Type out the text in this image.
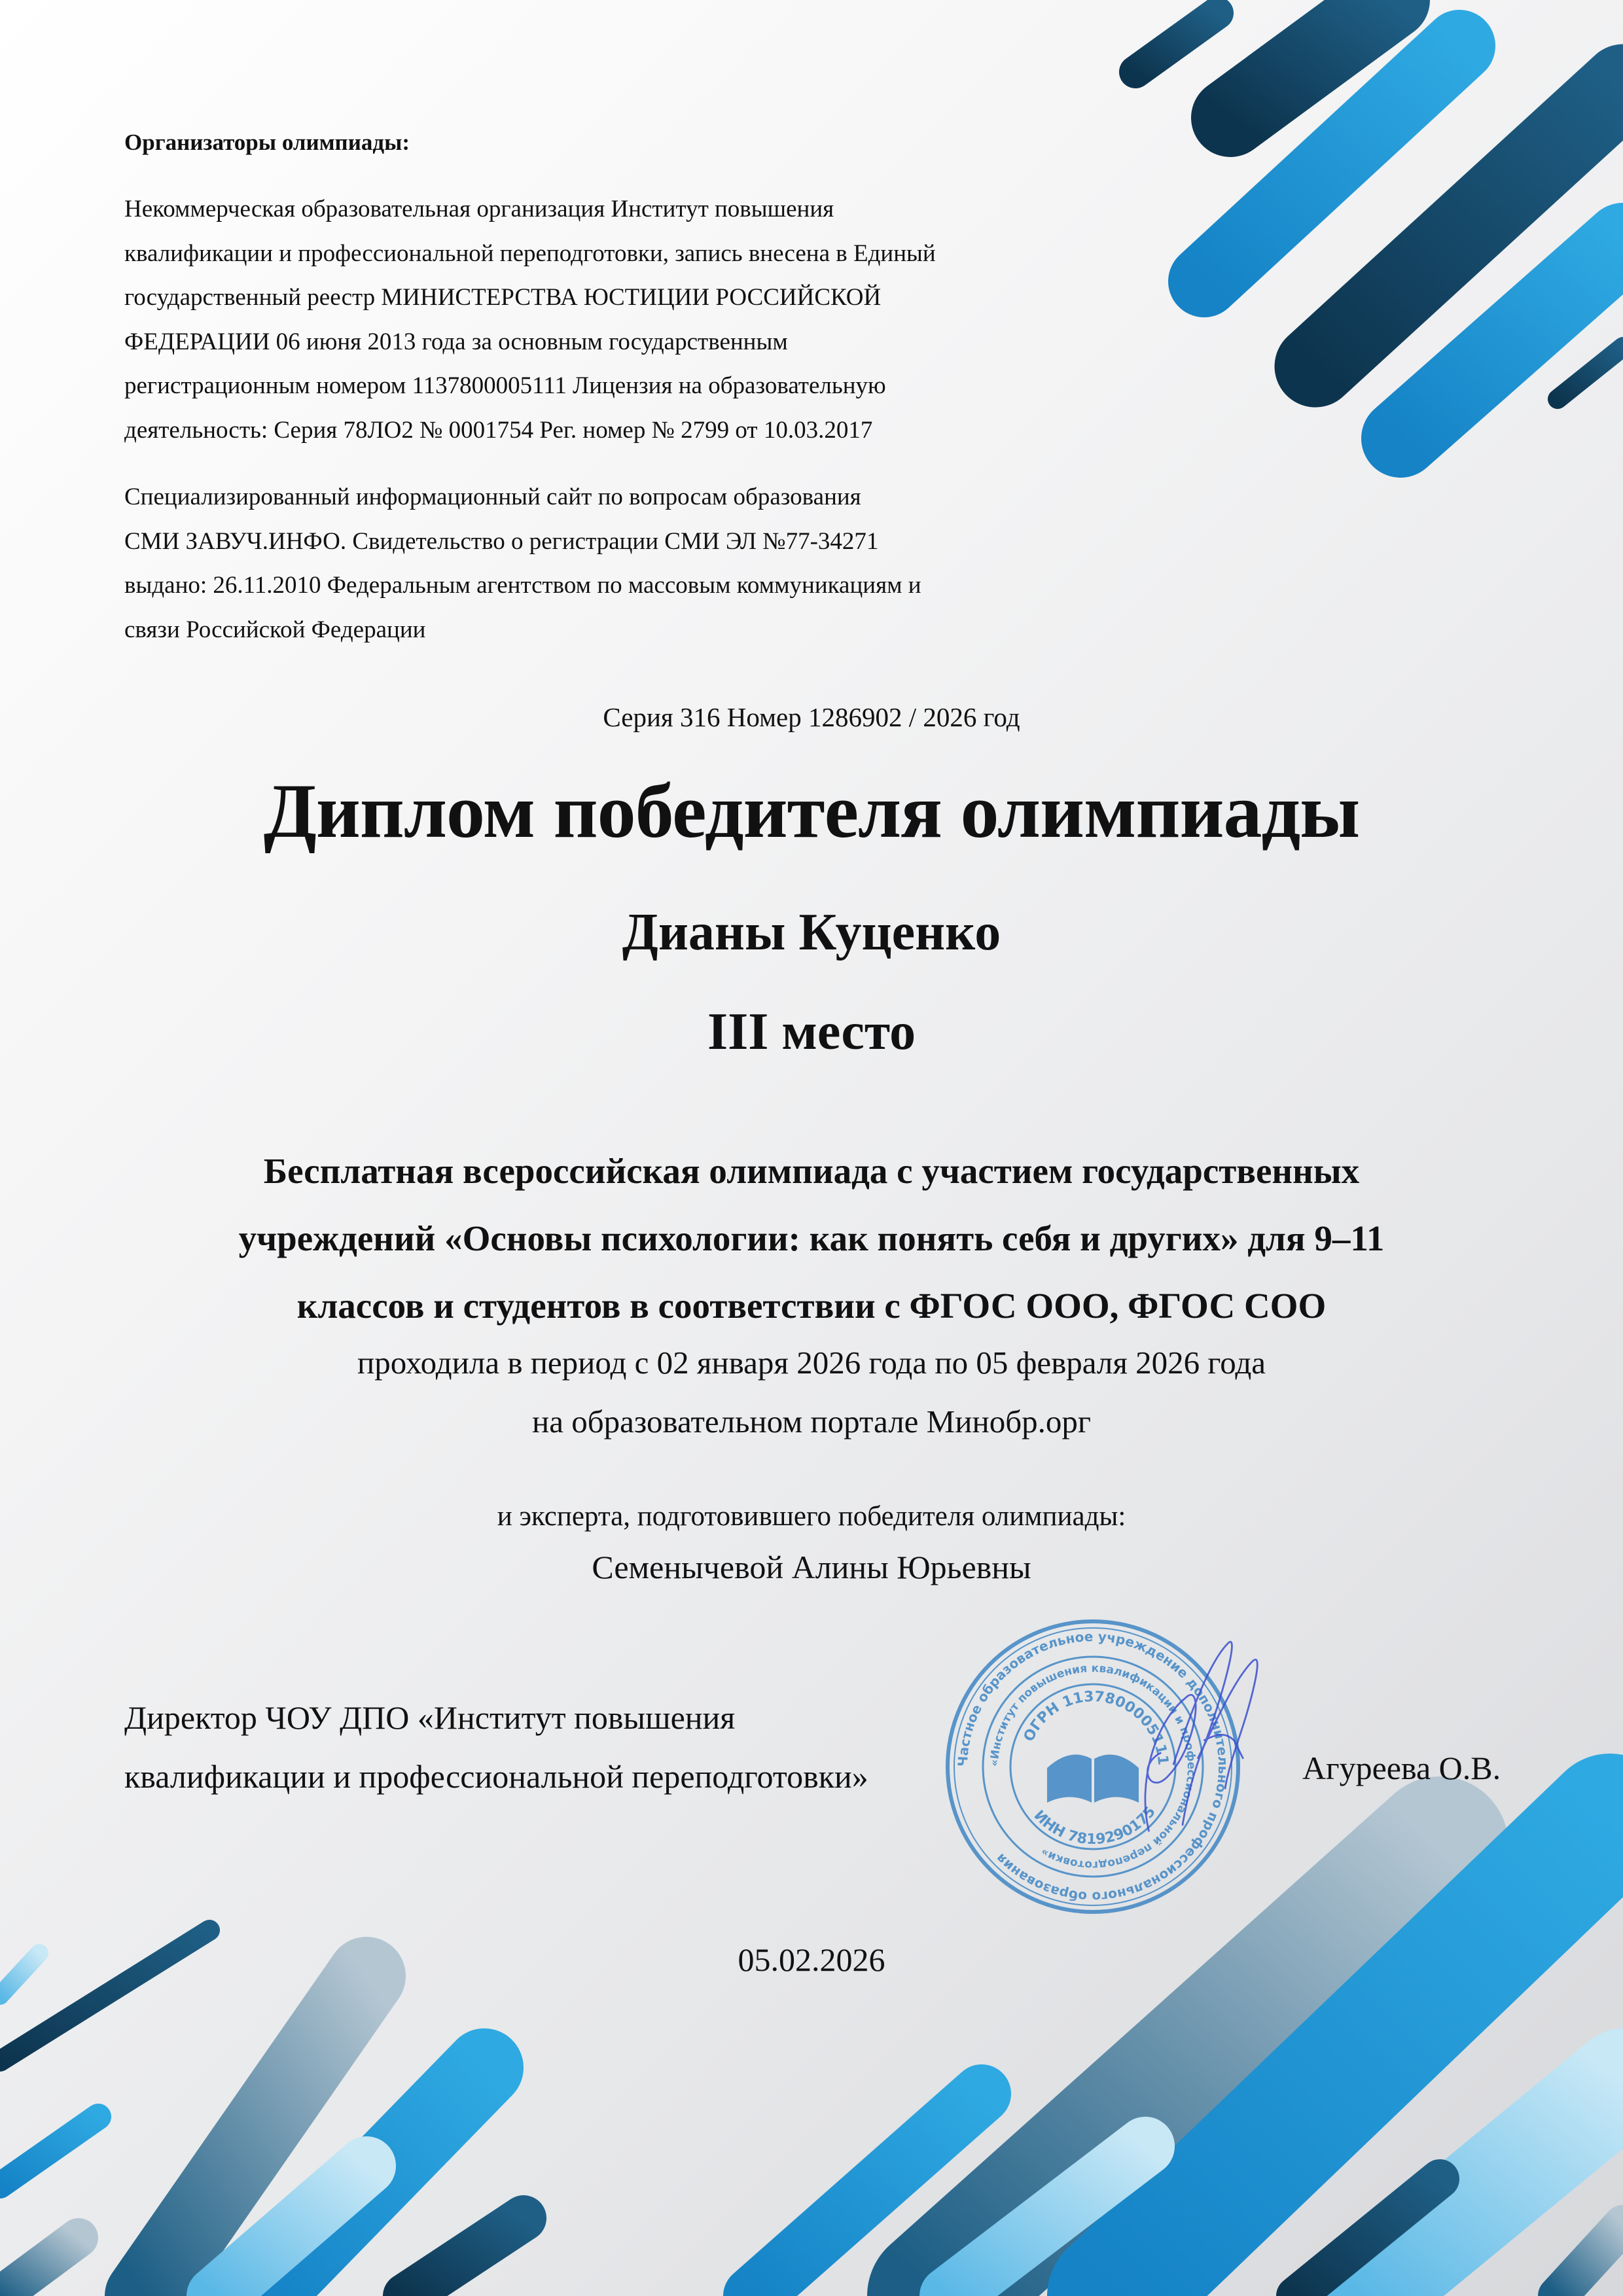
Организаторы олимпиады:
Некоммерческая образовательная организация Институт повышения
квалификации и профессиональной переподготовки, запись внесена в Единый
государственный реестр МИНИСТЕРСТВА ЮСТИЦИИ РОССИЙСКОЙ
ФЕДЕРАЦИИ 06 июня 2013 года за основным государственным
регистрационным номером 1137800005111 Лицензия на образовательную
деятельность: Серия 78ЛО2 № 0001754 Рег. номер № 2799 от 10.03.2017
Специализированный информационный сайт по вопросам образования
СМИ ЗАВУЧ.ИНФО. Свидетельство о регистрации СМИ ЭЛ №77-34271
выдано: 26.11.2010 Федеральным агентством по массовым коммуникациям и
связи Российской Федерации
Серия 316 Номер 1286902 / 2026 год
Диплом победителя олимпиады
Дианы Куценко
III место
Бесплатная всероссийская олимпиада с участием государственных
учреждений «Основы психологии: как понять себя и других» для 9–11
классов и студентов в соответствии с ФГОС ООО, ФГОС СОО
проходила в период с 02 января 2026 года по 05 февраля 2026 года
на образовательном портале Минобр.орг
и эксперта, подготовившего победителя олимпиады:
Семенычевой Алины Юрьевны
Директор ЧОУ ДПО «Институт повышения
квалификации и профессиональной переподготовки»	Агуреева О.В.
Частное образовательное учреждение дополнительного профессионального образования
«Институт повышения квалификации и профессиональной переподготовки»
ОГРН 1137800005111
ИНН 7819290175
05.02.2026
